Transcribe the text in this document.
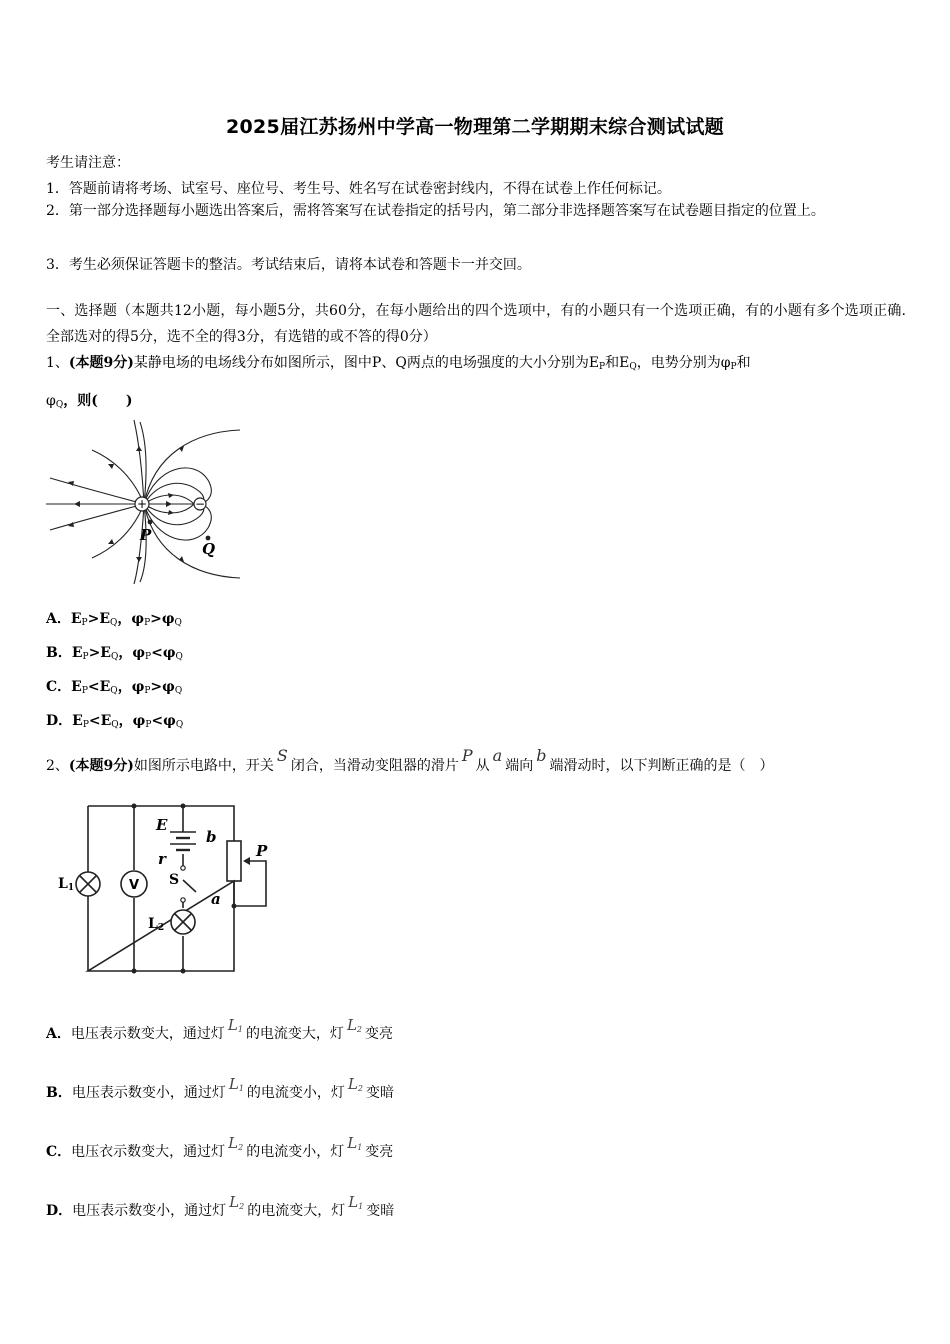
2025届江苏扬州中学高一物理第二学期期末综合测试试题
考生请注意：
1．答题前请将考场、试室号、座位号、考生号、姓名写在试卷密封线内，不得在试卷上作任何标记。
2．第一部分选择题每小题选出答案后，需将答案写在试卷指定的括号内，第二部分非选择题答案写在试卷题目指定的位置上。
3．考生必须保证答题卡的整洁。考试结束后，请将本试卷和答题卡一并交回。
一、选择题（本题共12小题，每小题5分，共60分，在每小题给出的四个选项中，有的小题只有一个选项正确，有的小题有多个选项正确.全部选对的得5分，选不全的得3分，有选错的或不答的得0分）
1、(本题9分)某静电场的电场线分布如图所示，图中P、Q两点的电场强度的大小分别为$E_P$和$E_Q$，电势分别为$\varphi_P$和
$\varphi_Q$，则(　　)
+	−
P
Q
A．$E_P>E_Q$，$\varphi_P>\varphi_Q$
B．$E_P>E_Q$，$\varphi_P<\varphi_Q$
C．$E_P<E_Q$，$\varphi_P>\varphi_Q$
D．$E_P<E_Q$，$\varphi_P<\varphi_Q$
2、(本题9分)如图所示电路中，开关S闭合，当滑动变阻器的滑片P从a端向b端滑动时，以下判断正确的是（　）
V
E
b
P
r
S
a
L1
L2
A．电压表示数变大，通过灯 $L_1$ 的电流变大，灯 $L_2$ 变亮
B．电压表示数变小，通过灯 $L_1$ 的电流变小，灯 $L_2$ 变暗
C．电压衣示数变大，通过灯 $L_2$ 的电流变小，灯 $L_1$ 变亮
D．电压表示数变小，通过灯 $L_2$ 的电流变大，灯 $L_1$ 变暗
